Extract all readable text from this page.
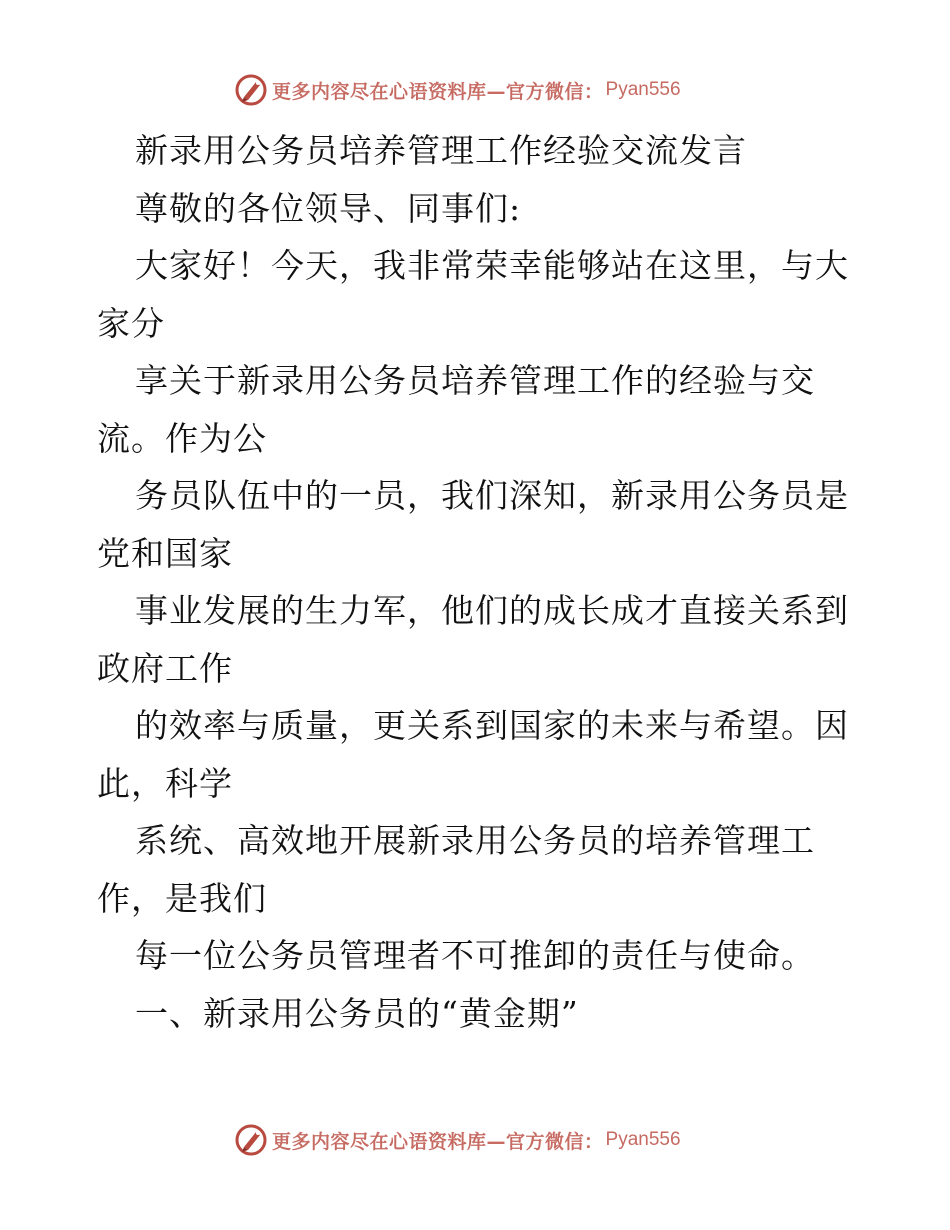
更多内容尽在心语资料库—官方微信： Pyan556
新录用公务员培养管理工作经验交流发言
尊敬的各位领导、同事们:
大家好！今天，我非常荣幸能够站在这里，与大
家分
享关于新录用公务员培养管理工作的经验与交
流。作为公
务员队伍中的一员，我们深知，新录用公务员是
党和国家
事业发展的生力军，他们的成长成才直接关系到
政府工作
的效率与质量，更关系到国家的未来与希望。因
此，科学
系统、高效地开展新录用公务员的培养管理工
作，是我们
每一位公务员管理者不可推卸的责任与使命。
一、新录用公务员的“黄金期”
更多内容尽在心语资料库—官方微信： Pyan556
